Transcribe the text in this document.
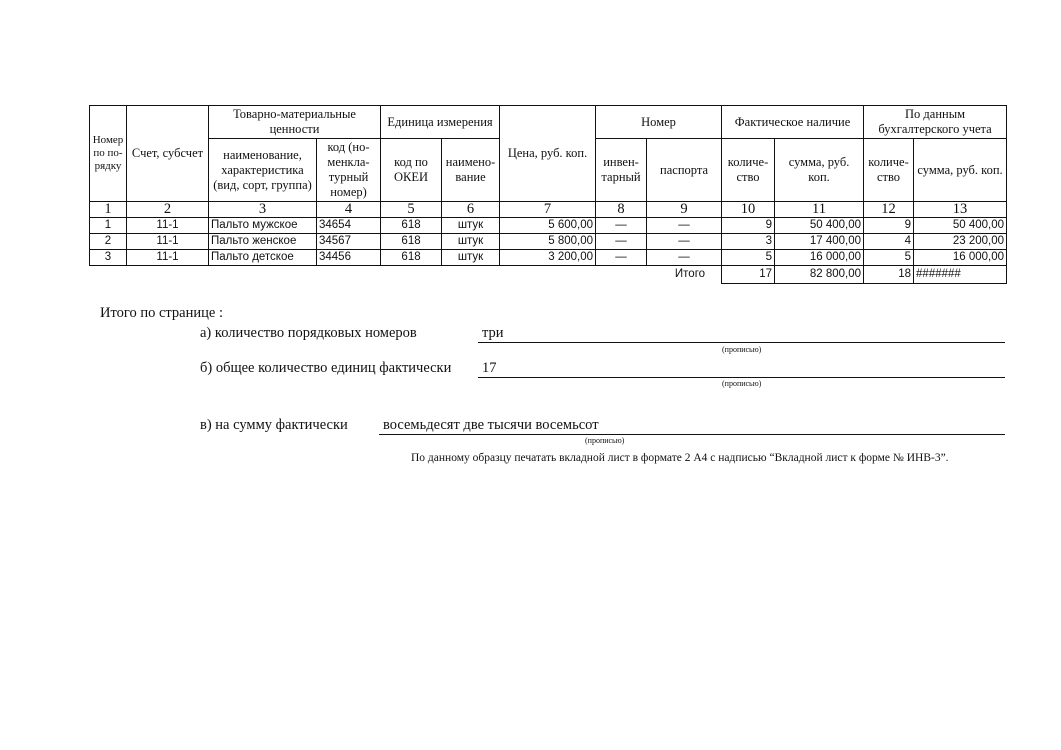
Номер по порядку	Счет, субсчет	Товарно-материальные ценности		Единица измерения		Цена, руб. коп.	Номер		Фактическое наличие		По данным бухгалтерского учета	
		наименование, характеристика (вид, сорт, группа)	код (номенклатурный номер)	код по ОКЕИ	наименование		инвентарный	паспорта	количество	сумма, руб. коп.	количество	сумма, руб. коп.
1	2	3	4	5	6	7	8	9	10	11	12	13
1	11-1	Пальто мужское	34654	618	штук	5 600,00	—	—	9	50 400,00	9	50 400,00
2	11-1	Пальто женское	34567	618	штук	5 800,00	—	—	3	17 400,00	4	23 200,00
3	11-1	Пальто детское	34456	618	штук	3 200,00	—	—	5	16 000,00	5	16 000,00
Итого									17	82 800,00	18	#######
Итого по странице :
а) количество порядковых номеров	три
(прописью)
б) общее количество единиц фактически 17
(прописью)
в) на сумму фактически восемьдесят две тысячи восемьсот
(прописью)
По данному образцу печатать вкладной лист в формате 2 А4 с надписью “Вкладной лист к форме № ИНВ-3”.
